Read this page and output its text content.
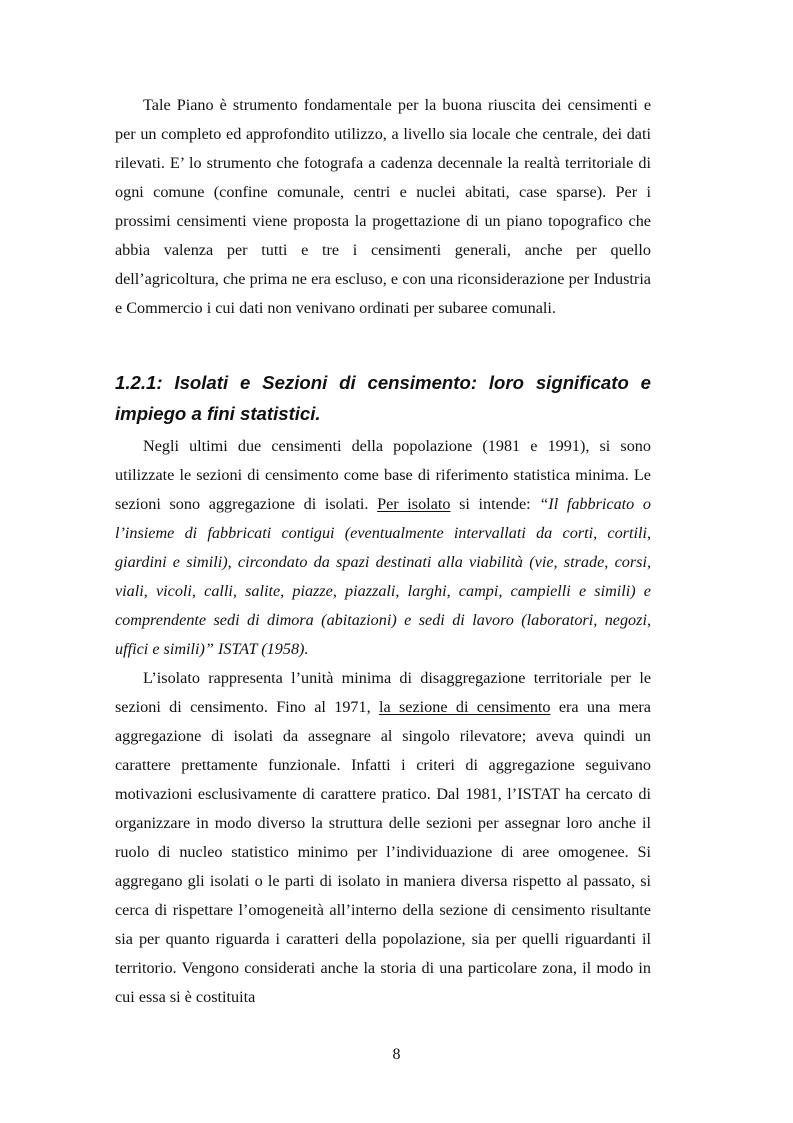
Tale Piano è strumento fondamentale per la buona riuscita dei censimenti e per un completo ed approfondito utilizzo, a livello sia locale che centrale, dei dati rilevati. E’ lo strumento che fotografa a cadenza decennale la realtà territoriale di ogni comune (confine comunale, centri e nuclei abitati, case sparse). Per i prossimi censimenti viene proposta la progettazione di un piano topografico che abbia valenza per tutti e tre i censimenti generali, anche per quello dell’agricoltura, che prima ne era escluso, e con una riconsiderazione per Industria e Commercio i cui dati non venivano ordinati per subaree comunali.

1.2.1: Isolati e Sezioni di censimento: loro significato e impiego a fini statistici.

Negli ultimi due censimenti della popolazione (1981 e 1991), si sono utilizzate le sezioni di censimento come base di riferimento statistica minima. Le sezioni sono aggregazione di isolati. Per isolato si intende: “Il fabbricato o l’insieme di fabbricati contigui (eventualmente intervallati da corti, cortili, giardini e simili), circondato da spazi destinati alla viabilità (vie, strade, corsi, viali, vicoli, calli, salite, piazze, piazzali, larghi, campi, campielli e simili) e comprendente sedi di dimora (abitazioni) e sedi di lavoro (laboratori, negozi, uffici e simili)” ISTAT (1958).

L’isolato rappresenta l’unità minima di disaggregazione territoriale per le sezioni di censimento. Fino al 1971, la sezione di censimento era una mera aggregazione di isolati da assegnare al singolo rilevatore; aveva quindi un carattere prettamente funzionale. Infatti i criteri di aggregazione seguivano motivazioni esclusivamente di carattere pratico. Dal 1981, l’ISTAT ha cercato di organizzare in modo diverso la struttura delle sezioni per assegnar loro anche il ruolo di nucleo statistico minimo per l’individuazione di aree omogenee. Si aggregano gli isolati o le parti di isolato in maniera diversa rispetto al passato, si cerca di rispettare l’omogeneità all’interno della sezione di censimento risultante sia per quanto riguarda i caratteri della popolazione, sia per quelli riguardanti il territorio. Vengono considerati anche la storia di una particolare zona, il modo in cui essa si è costituita

8
